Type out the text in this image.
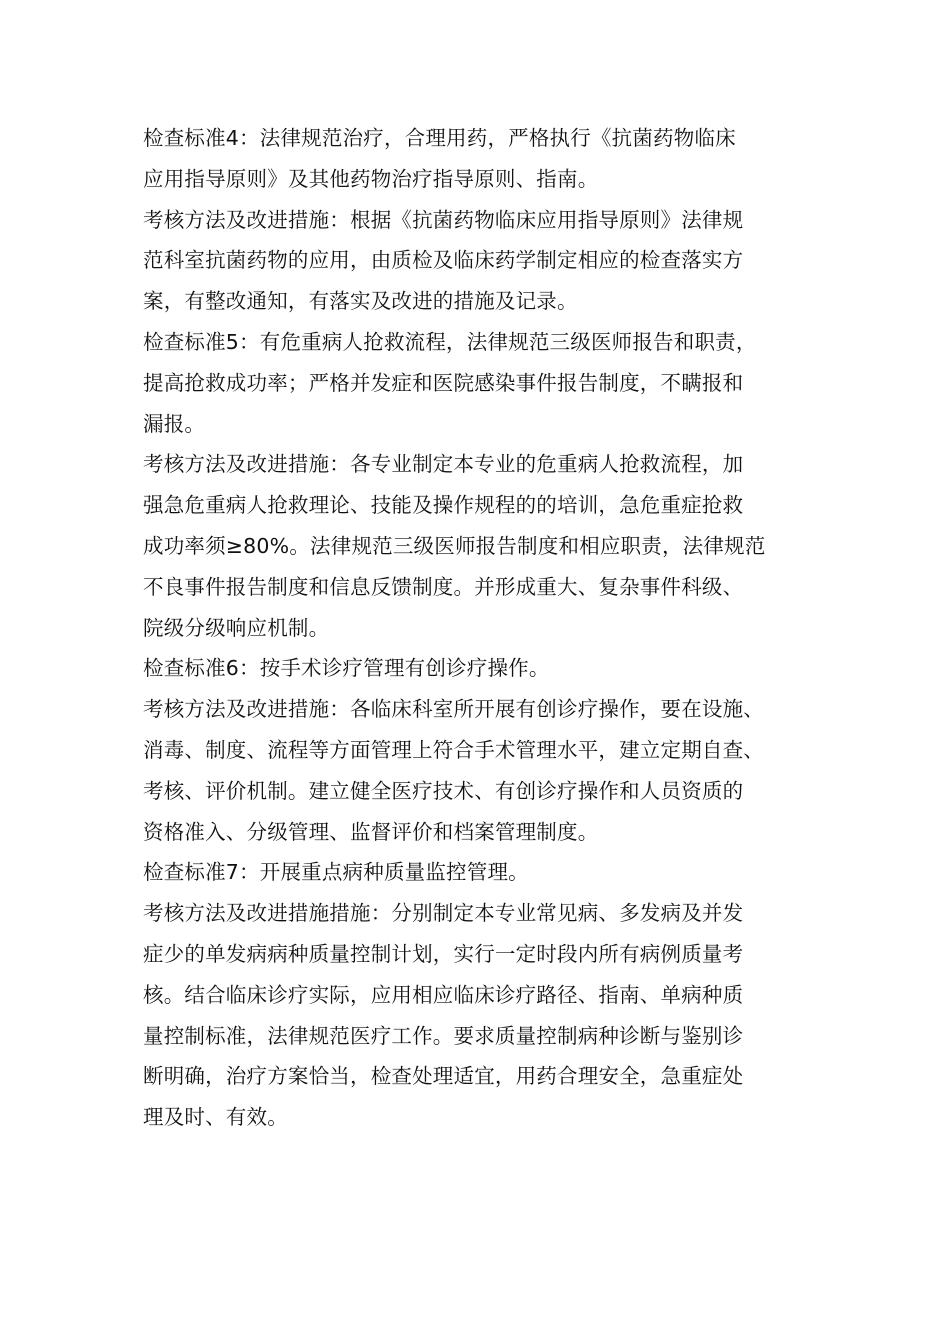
检查标准4：法律规范治疗，合理用药，严格执行《抗菌药物临床
应用指导原则》及其他药物治疗指导原则、指南。
考核方法及改进措施：根据《抗菌药物临床应用指导原则》法律规
范科室抗菌药物的应用，由质检及临床药学制定相应的检查落实方
案，有整改通知，有落实及改进的措施及记录。
检查标准5：有危重病人抢救流程，法律规范三级医师报告和职责，
提高抢救成功率；严格并发症和医院感染事件报告制度，不瞒报和
漏报。
考核方法及改进措施：各专业制定本专业的危重病人抢救流程，加
强急危重病人抢救理论、技能及操作规程的的培训，急危重症抢救
成功率须≥80%。法律规范三级医师报告制度和相应职责，法律规范
不良事件报告制度和信息反馈制度。并形成重大、复杂事件科级、
院级分级响应机制。
检查标准6：按手术诊疗管理有创诊疗操作。
考核方法及改进措施：各临床科室所开展有创诊疗操作，要在设施、
消毒、制度、流程等方面管理上符合手术管理水平，建立定期自查、
考核、评价机制。建立健全医疗技术、有创诊疗操作和人员资质的
资格准入、分级管理、监督评价和档案管理制度。
检查标准7：开展重点病种质量监控管理。
考核方法及改进措施措施：分别制定本专业常见病、多发病及并发
症少的单发病病种质量控制计划，实行一定时段内所有病例质量考
核。结合临床诊疗实际，应用相应临床诊疗路径、指南、单病种质
量控制标准，法律规范医疗工作。要求质量控制病种诊断与鉴别诊
断明确，治疗方案恰当，检查处理适宜，用药合理安全，急重症处
理及时、有效。
